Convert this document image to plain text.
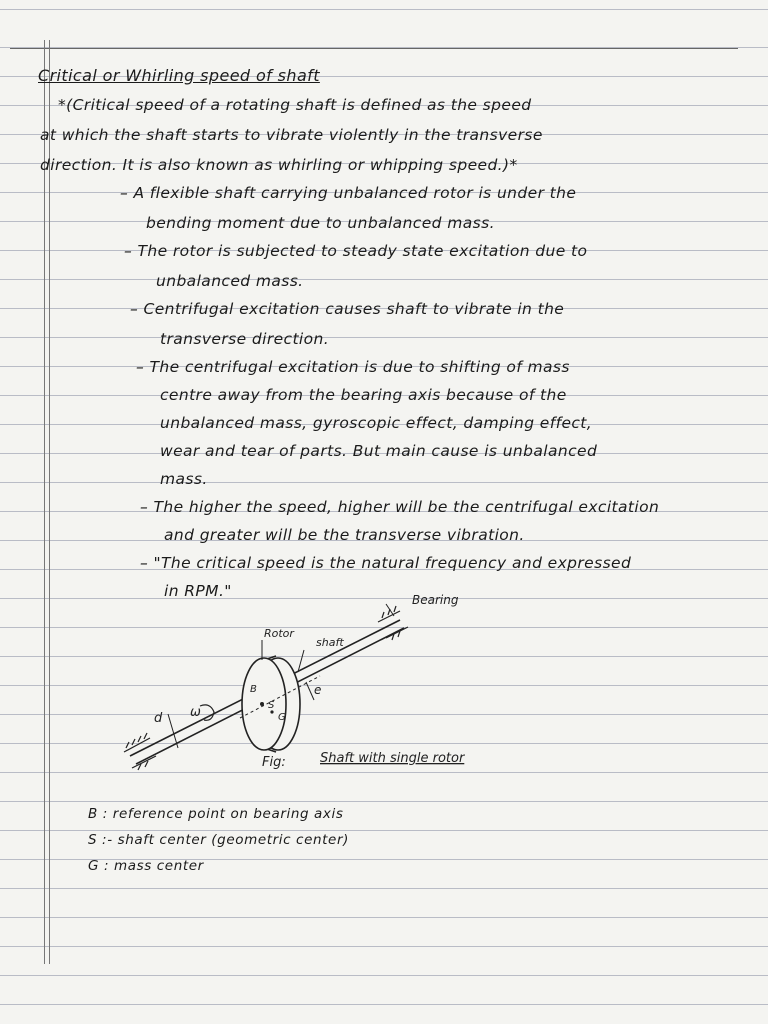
Critical or Whirling speed of shaft
*(Critical speed of a rotating shaft is defined as the speed
at which the shaft starts to vibrate violently in the transverse
direction. It is also known as whirling or whipping speed.)*
– A flexible shaft carrying unbalanced rotor is under the
bending moment due to unbalanced mass.
– The rotor is subjected to steady state excitation due to
unbalanced mass.
– Centrifugal excitation causes shaft to vibrate in the
transverse direction.
– The centrifugal excitation is due to shifting of mass
centre away from the bearing axis because of the
unbalanced mass, gyroscopic effect, damping effect,
wear and tear of parts. But main cause is unbalanced
mass.
– The higher the speed, higher will be the centrifugal excitation
and greater will be the transverse vibration.
– "The critical speed is the natural frequency and expressed
in RPM."	Bearing
Rotor
shaft
B
S
G
d ω
e
Fig:	Shaft with single rotor
B : reference point on bearing axis
S :- shaft center (geometric center)
G : mass center
